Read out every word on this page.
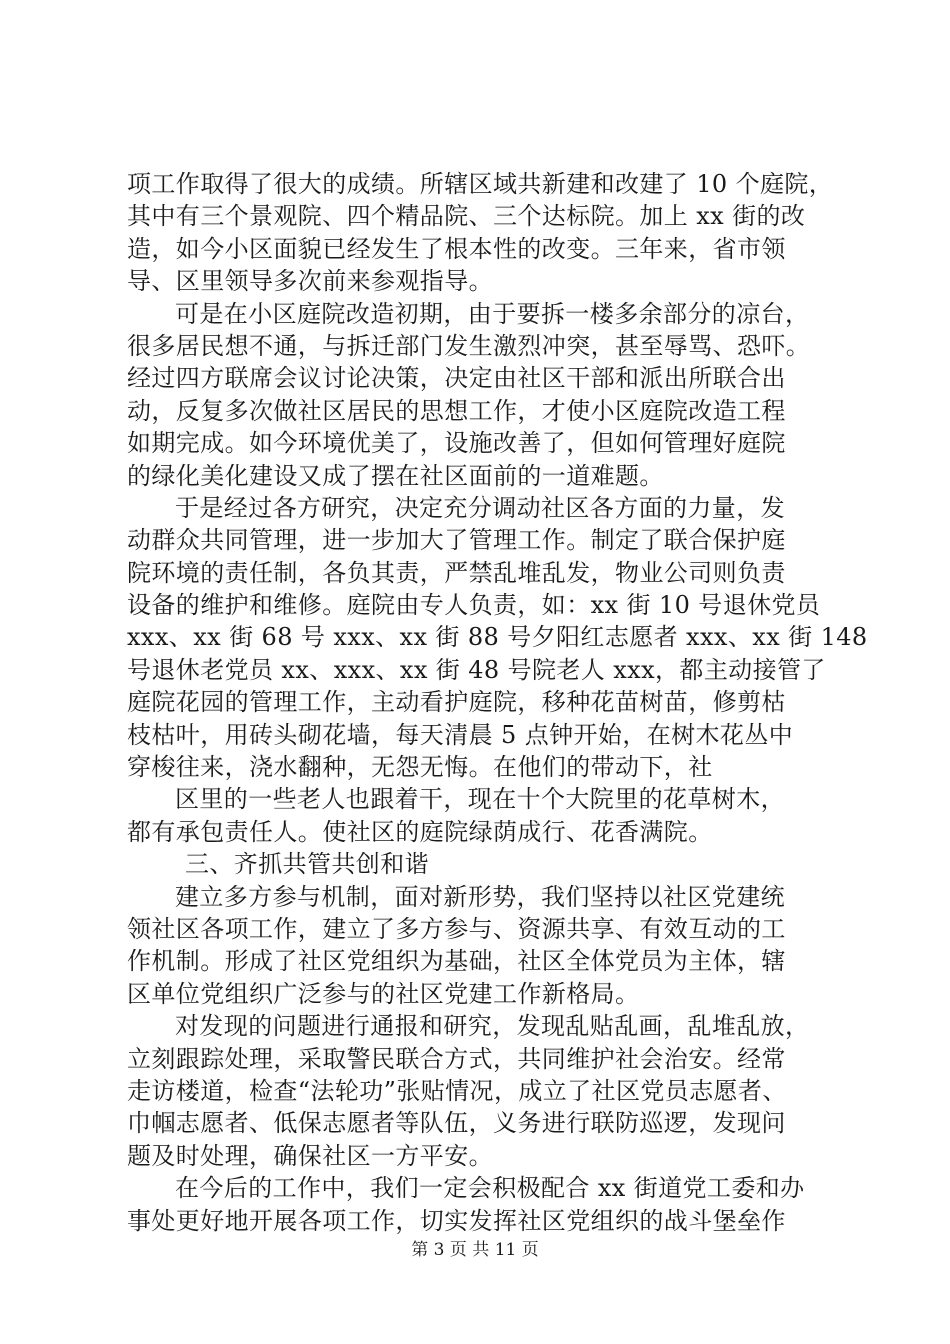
项工作取得了很大的成绩。所辖区域共新建和改建了 10 个庭院，
其中有三个景观院、四个精品院、三个达标院。加上 xx 街的改
造，如今小区面貌已经发生了根本性的改变。三年来，省市领
导、区里领导多次前来参观指导。
可是在小区庭院改造初期，由于要拆一楼多余部分的凉台，
很多居民想不通，与拆迁部门发生激烈冲突，甚至辱骂、恐吓。
经过四方联席会议讨论决策，决定由社区干部和派出所联合出
动，反复多次做社区居民的思想工作，才使小区庭院改造工程
如期完成。如今环境优美了，设施改善了，但如何管理好庭院
的绿化美化建设又成了摆在社区面前的一道难题。
于是经过各方研究，决定充分调动社区各方面的力量，发
动群众共同管理，进一步加大了管理工作。制定了联合保护庭
院环境的责任制，各负其责，严禁乱堆乱发，物业公司则负责
设备的维护和维修。庭院由专人负责，如：xx 街 10 号退休党员
xxx、xx 街 68 号 xxx、xx 街 88 号夕阳红志愿者 xxx、xx 街 148
号退休老党员 xx、xxx、xx 街 48 号院老人 xxx，都主动接管了
庭院花园的管理工作，主动看护庭院，移种花苗树苗，修剪枯
枝枯叶，用砖头砌花墙，每天清晨 5 点钟开始，在树木花丛中
穿梭往来，浇水翻种，无怨无悔。在他们的带动下，社
区里的一些老人也跟着干，现在十个大院里的花草树木，
都有承包责任人。使社区的庭院绿荫成行、花香满院。
三、齐抓共管共创和谐
建立多方参与机制，面对新形势，我们坚持以社区党建统
领社区各项工作，建立了多方参与、资源共享、有效互动的工
作机制。形成了社区党组织为基础，社区全体党员为主体，辖
区单位党组织广泛参与的社区党建工作新格局。
对发现的问题进行通报和研究，发现乱贴乱画，乱堆乱放，
立刻跟踪处理，采取警民联合方式，共同维护社会治安。经常
走访楼道，检查“法轮功”张贴情况，成立了社区党员志愿者、
巾帼志愿者、低保志愿者等队伍，义务进行联防巡逻，发现问
题及时处理，确保社区一方平安。
在今后的工作中，我们一定会积极配合 xx 街道党工委和办
事处更好地开展各项工作，切实发挥社区党组织的战斗堡垒作
第 3 页 共 11 页
